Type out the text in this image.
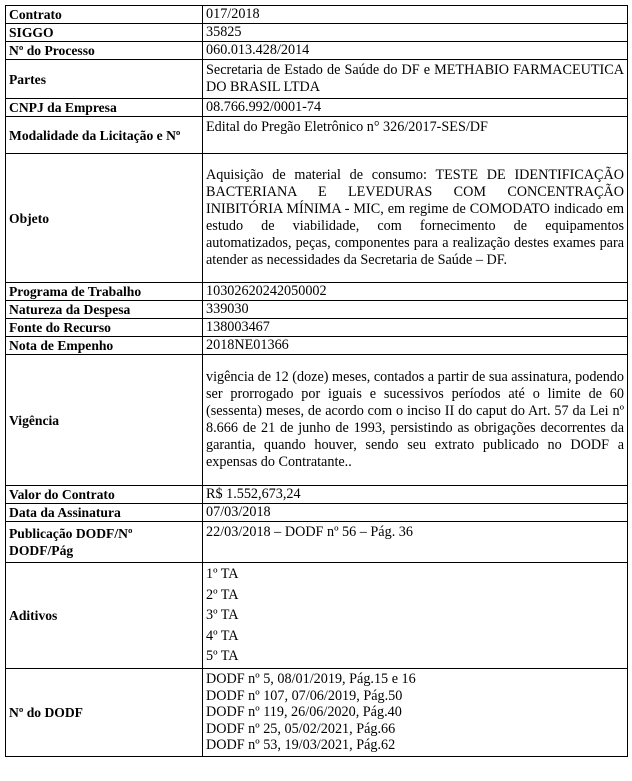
Contrato	017/2018
SIGGO	35825
Nº do Processo	060.013.428/2014
Partes	Secretaria de Estado de Saúde do DF e METHABIO FARMACEUTICA DO BRASIL LTDA
CNPJ da Empresa	08.766.992/0001-74
Modalidade da Licitação e Nº	Edital do Pregão Eletrônico n° 326/2017-SES/DF
Objeto	Aquisição de material de consumo: TESTE DE IDENTIFICAÇÃO BACTERIANA E LEVEDURAS COM CONCENTRAÇÃO INIBITÓRIA MÍNIMA - MIC, em regime de COMODATO indicado em estudo de viabilidade, com fornecimento de equipamentos automatizados, peças, componentes para a realização destes exames para atender as necessidades da Secretaria de Saúde – DF.
Programa de Trabalho	10302620242050002
Natureza da Despesa	339030
Fonte do Recurso	138003467
Nota de Empenho	2018NE01366
Vigência	vigência de 12 (doze) meses, contados a partir de sua assinatura, podendo ser prorrogado por iguais e sucessivos períodos até o limite de 60 (sessenta) meses, de acordo com o inciso II do caput do Art. 57 da Lei nº 8.666 de 21 de junho de 1993, persistindo as obrigações decorrentes da garantia, quando houver, sendo seu extrato publicado no DODF a expensas do Contratante..
Valor do Contrato	R$ 1.552,673,24
Data da Assinatura	07/03/2018
Publicação DODF/Nº DODF/Pág	22/03/2018 – DODF nº 56 – Pág. 36
Aditivos	1º TA
2º TA
3º TA
4º TA
5º TA

Nº do DODF	DODF nº 5, 08/01/2019, Pág.15 e 16
DODF nº 107, 07/06/2019, Pág.50
DODF nº 119, 26/06/2020, Pág.40
DODF nº 25, 05/02/2021, Pág.66
DODF nº 53, 19/03/2021, Pág.62
